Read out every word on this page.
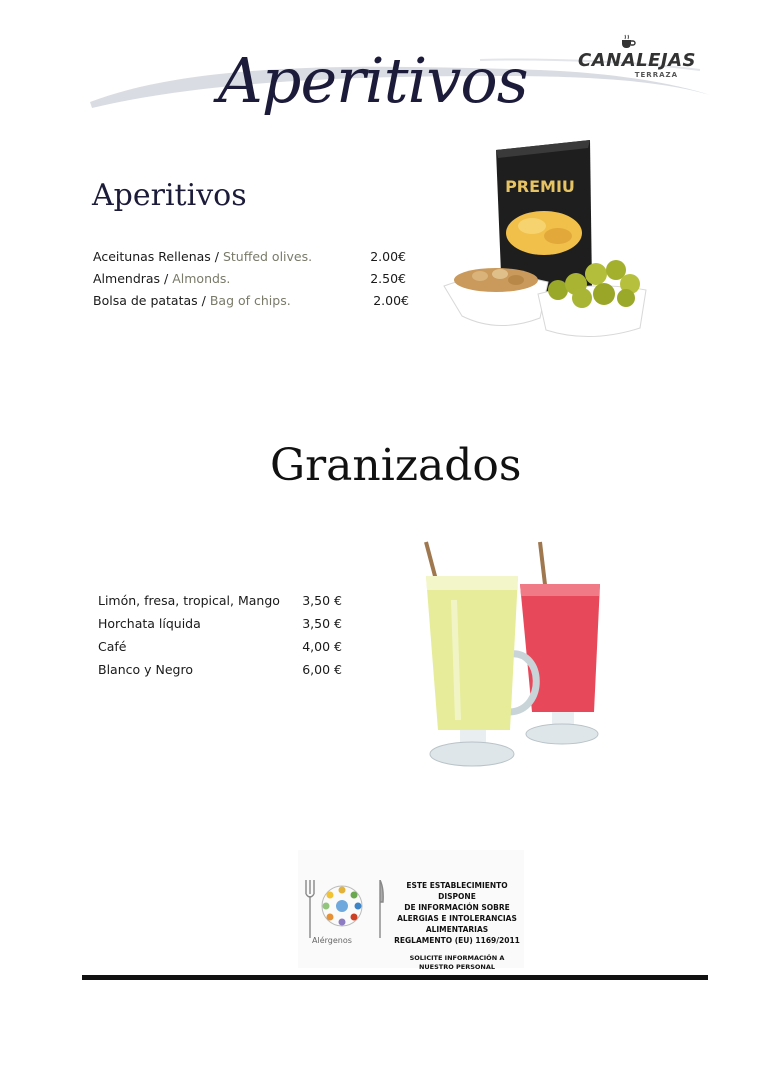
Aperitivos	CANALEJAS
TERRAZA
Aperitivos
Aceitunas Rellenas / Stuffed olives.	2.00€
Almendras / Almonds.	2.50€
Bolsa de patatas / Bag of chips.	2.00€
PREMIU
Granizados
Limón, fresa, tropical, Mango	3,50 €
Horchata líquida	3,50 €
Café	4,00 €
Blanco y Negro	6,00 €
Alérgenos
ESTE ESTABLECIMIENTO DISPONE
DE INFORMACIÓN SOBRE
ALERGIAS E INTOLERANCIAS
ALIMENTARIAS
REGLAMENTO (EU) 1169/2011
SOLICITE INFORMACIÓN A
NUESTRO PERSONAL
